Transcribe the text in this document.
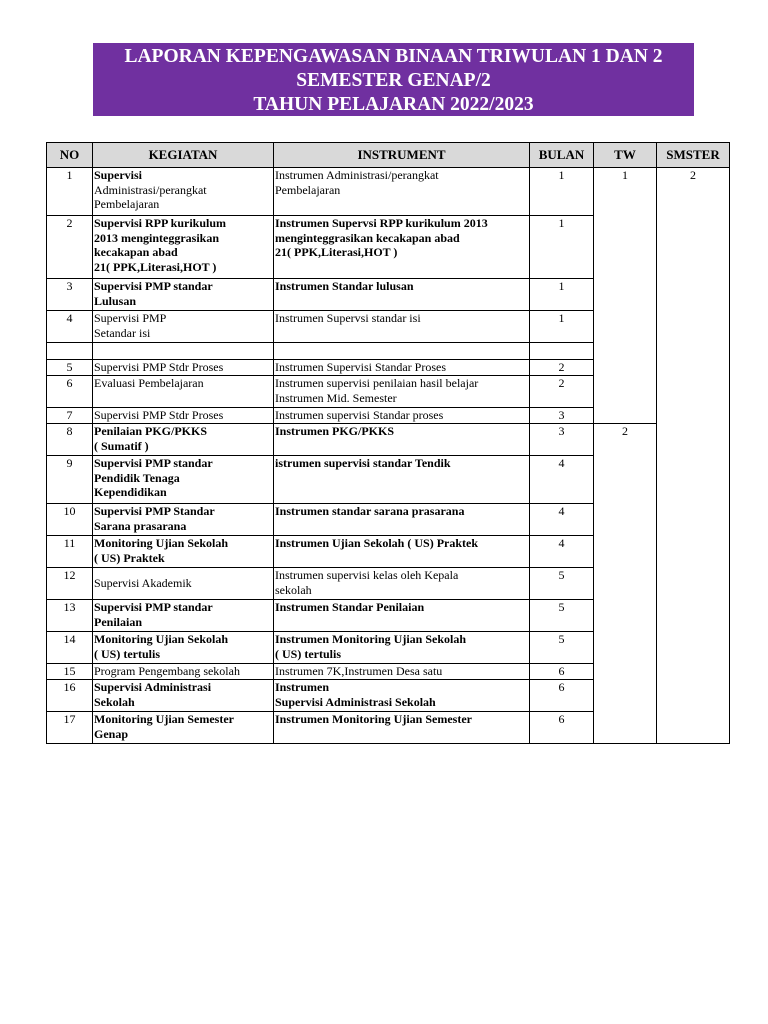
LAPORAN KEPENGAWASAN BINAAN TRIWULAN 1 DAN 2
SEMESTER GENAP/2
TAHUN PELAJARAN 2022/2023
NO	KEGIATAN	INSTRUMENT	BULAN	TW	SMSTER
1	Supervisi
Administrasi/perangkat
Pembelajaran	Instrumen Administrasi/perangkat
Pembelajaran	1	1	2
2	Supervisi RPP kurikulum
2013 menginteggrasikan
kecakapan abad
21( PPK,Literasi,HOT )	Instrumen Supervsi RPP kurikulum 2013
menginteggrasikan kecakapan abad
21( PPK,Literasi,HOT )	1		
3	Supervisi PMP standar
Lulusan	Instrumen Standar lulusan	1		
4	Supervisi PMP
Setandar isi	Instrumen Supervsi standar isi	1		

5	Supervisi PMP Stdr Proses	Instrumen Supervisi Standar Proses	2		
6	Evaluasi Pembelajaran	Instrumen supervisi penilaian hasil belajar
Instrumen Mid. Semester	2		
7	Supervisi PMP Stdr Proses	Instrumen supervisi Standar proses	3		
8	Penilaian PKG/PKKS
( Sumatif )	Instrumen PKG/PKKS	3	2	
9	Supervisi PMP standar
Pendidik Tenaga
Kependidikan	istrumen supervisi standar Tendik	4		
10	Supervisi PMP Standar
Sarana prasarana	Instrumen standar sarana prasarana	4		
11	Monitoring Ujian Sekolah
( US) Praktek	Instrumen Ujian Sekolah ( US) Praktek	4		
12	Supervisi Akademik	Instrumen supervisi kelas oleh Kepala
sekolah	5		
13	Supervisi PMP standar
Penilaian	Instrumen Standar Penilaian	5		
14	Monitoring Ujian Sekolah
( US) tertulis	Instrumen Monitoring Ujian Sekolah
( US) tertulis	5		
15	Program Pengembang sekolah	Instrumen 7K,Instrumen Desa satu	6		
16	Supervisi Administrasi
Sekolah	Instrumen
Supervisi Administrasi Sekolah	6		
17	Monitoring Ujian Semester
Genap	Instrumen Monitoring Ujian Semester	6		
